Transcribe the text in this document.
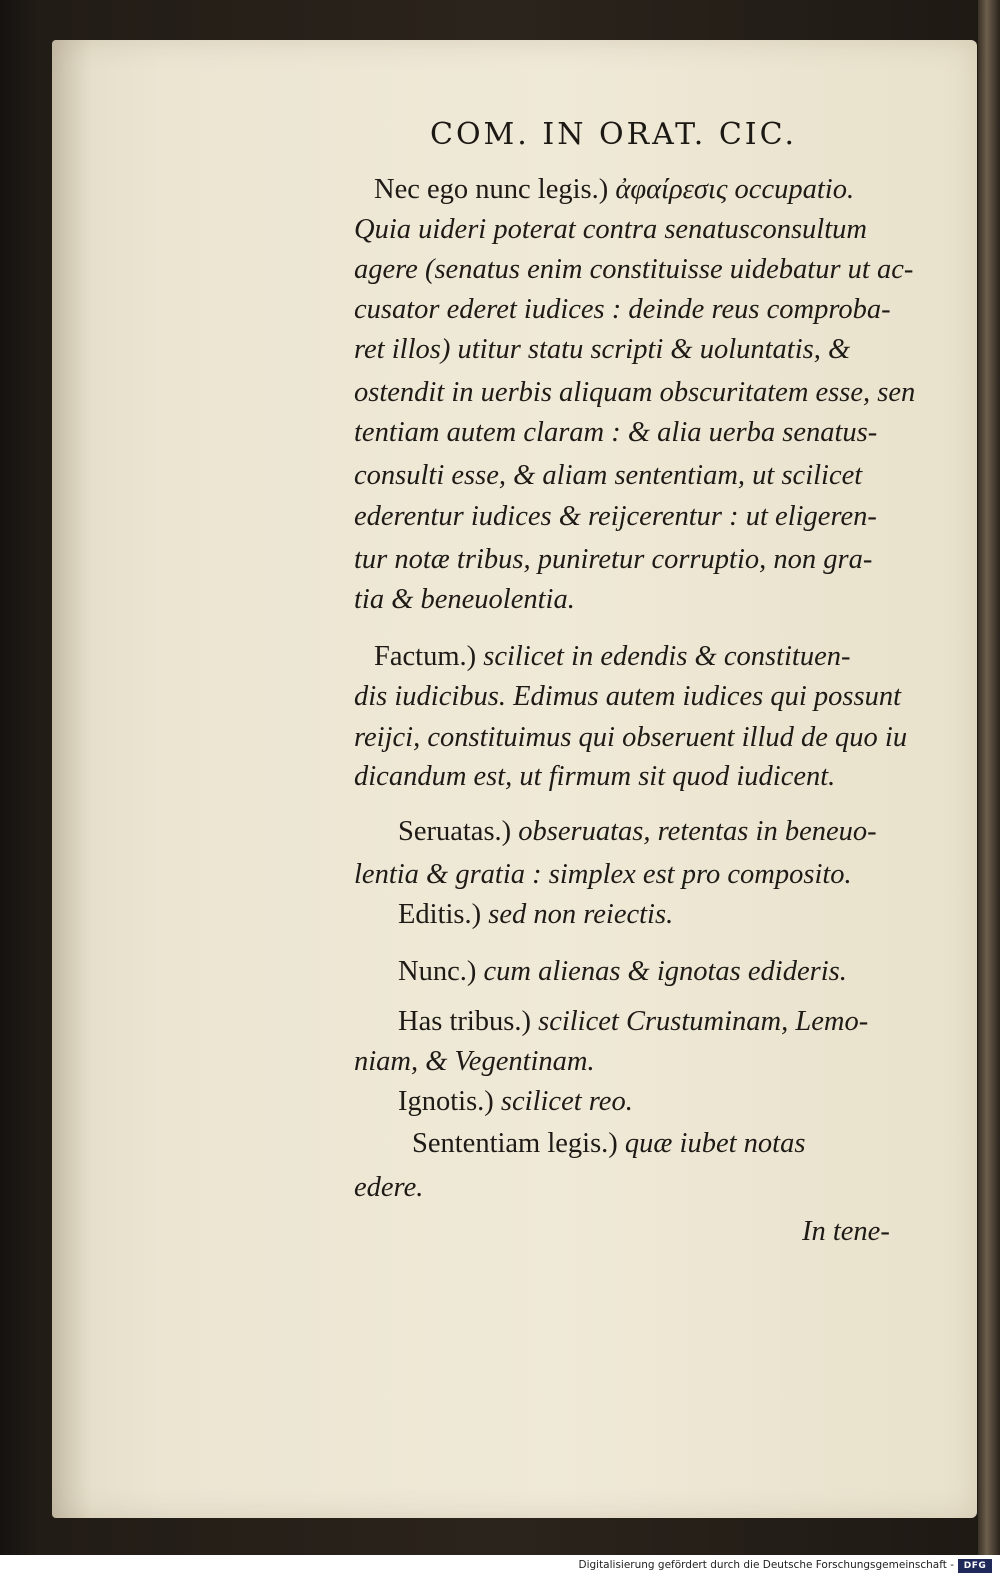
COM. IN ORAT. CIC.
Nec ego nunc legis.) ἀφαίρεσις occupatio.
Quia uideri poterat contra senatusconsultum
agere (senatus enim constituisse uidebatur ut ac-
cusator ederet iudices : deinde reus comproba-
ret illos) utitur statu scripti & uoluntatis, &
ostendit in uerbis aliquam obscuritatem esse, sen
tentiam autem claram : & alia uerba senatus-
consulti esse, & aliam sententiam, ut scilicet
ederentur iudices & reijcerentur : ut eligeren-
tur notæ tribus, puniretur corruptio, non gra-
tia & beneuolentia.
Factum.) scilicet in edendis & constituen-
dis iudicibus. Edimus autem iudices qui possunt
reijci, constituimus qui obseruent illud de quo iu
dicandum est, ut firmum sit quod iudicent.
Seruatas.) obseruatas, retentas in beneuo-
lentia & gratia : simplex est pro composito.
Editis.) sed non reiectis.
Nunc.) cum alienas & ignotas edideris.
Has tribus.) scilicet Crustuminam, Lemo-
niam, & Vegentinam.
Ignotis.) scilicet reo.
Sententiam legis.) quæ iubet notas
edere.
In tene-
Digitalisierung gefördert durch die Deutsche Forschungsgemeinschaft -	DFG
